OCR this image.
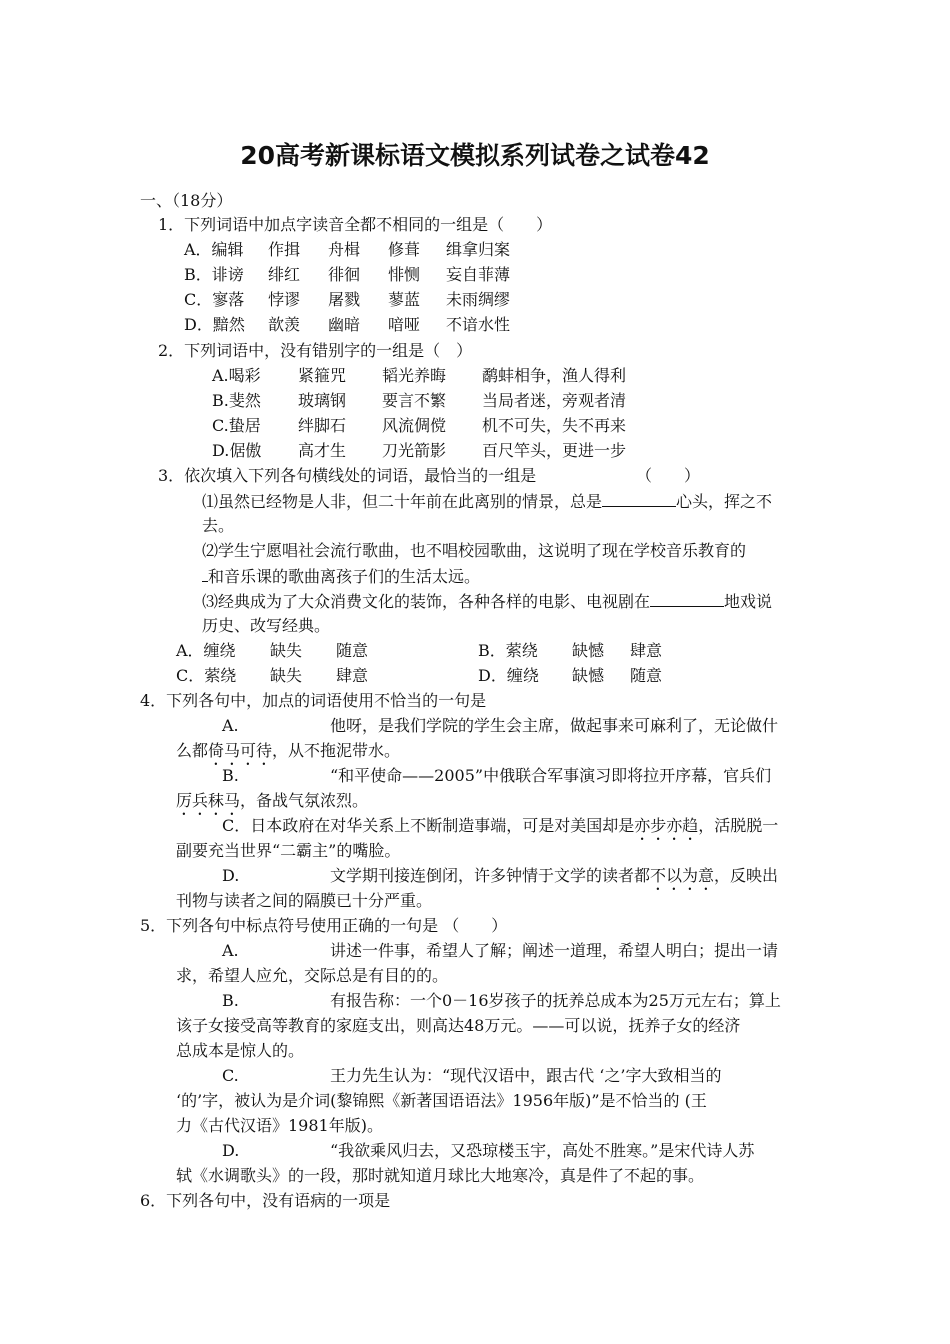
20高考新课标语文模拟系列试卷之试卷42
一、（18分）
1．下列词语中加点字读音全都不相同的一组是（　　）
A．编辑 作揖 舟楫 修葺 缉拿归案
B．诽谤 绯红 徘徊 悱恻 妄自菲薄
C．寥落 悖谬 屠戮 蓼蓝 未雨绸缪
D．黯然 歆羡 幽暗 喑哑 不谙水性
2．下列词语中，没有错别字的一组是（　）
A.喝彩 紧箍咒 韬光养晦 鹬蚌相争，渔人得利
B.斐然 玻璃钢 要言不繁 当局者迷，旁观者清
C.蛰居 绊脚石 风流倜傥 机不可失，失不再来
D.倨傲 高才生 刀光箭影 百尺竿头，更进一步
3．依次填入下列各句横线处的词语，最恰当的一组是	（　　）
⑴虽然已经物是人非，但二十年前在此离别的情景，总是	心头，挥之不
去。
⑵学生宁愿唱社会流行歌曲，也不唱校园歌曲，这说明了现在学校音乐教育的
和音乐课的歌曲离孩子们的生活太远。
⑶经典成为了大众消费文化的装饰，各种各样的电影、电视剧在	地戏说
历史、改写经典。
A．缠绕 缺失 随意	B．萦绕 缺憾 肆意
C．萦绕 缺失 肆意	D．缠绕 缺憾 随意
4．下列各句中，加点的词语使用不恰当的一句是
A.	他呀，是我们学院的学生会主席，做起事来可麻利了，无论做什
么都倚马可待，从不拖泥带水。
B.	“和平使命——2005”中俄联合军事演习即将拉开序幕，官兵们
厉兵秣马，备战气氛浓烈。
C．日本政府在对华关系上不断制造事端，可是对美国却是亦步亦趋，活脱脱一
副要充当世界“二霸主”的嘴脸。
D.	文学期刊接连倒闭，许多钟情于文学的读者都不以为意，反映出
刊物与读者之间的隔膜已十分严重。
5．下列各句中标点符号使用正确的一句是 （　　）
A.	讲述一件事，希望人了解；阐述一道理，希望人明白；提出一请
求，希望人应允，交际总是有目的的。
B.	有报告称：一个0－16岁孩子的抚养总成本为25万元左右；算上
该子女接受高等教育的家庭支出，则高达48万元。——可以说，抚养子女的经济
总成本是惊人的。
C.	王力先生认为：“现代汉语中，跟古代 ‘之’字大致相当的
‘的’字，被认为是介词(黎锦熙《新著国语语法》1956年版)”是不恰当的 (王
力《古代汉语》1981年版)。
D.	“我欲乘风归去，又恐琼楼玉宇，高处不胜寒。”是宋代诗人苏
轼《水调歌头》的一段，那时就知道月球比大地寒冷，真是件了不起的事。
6．下列各句中，没有语病的一项是
